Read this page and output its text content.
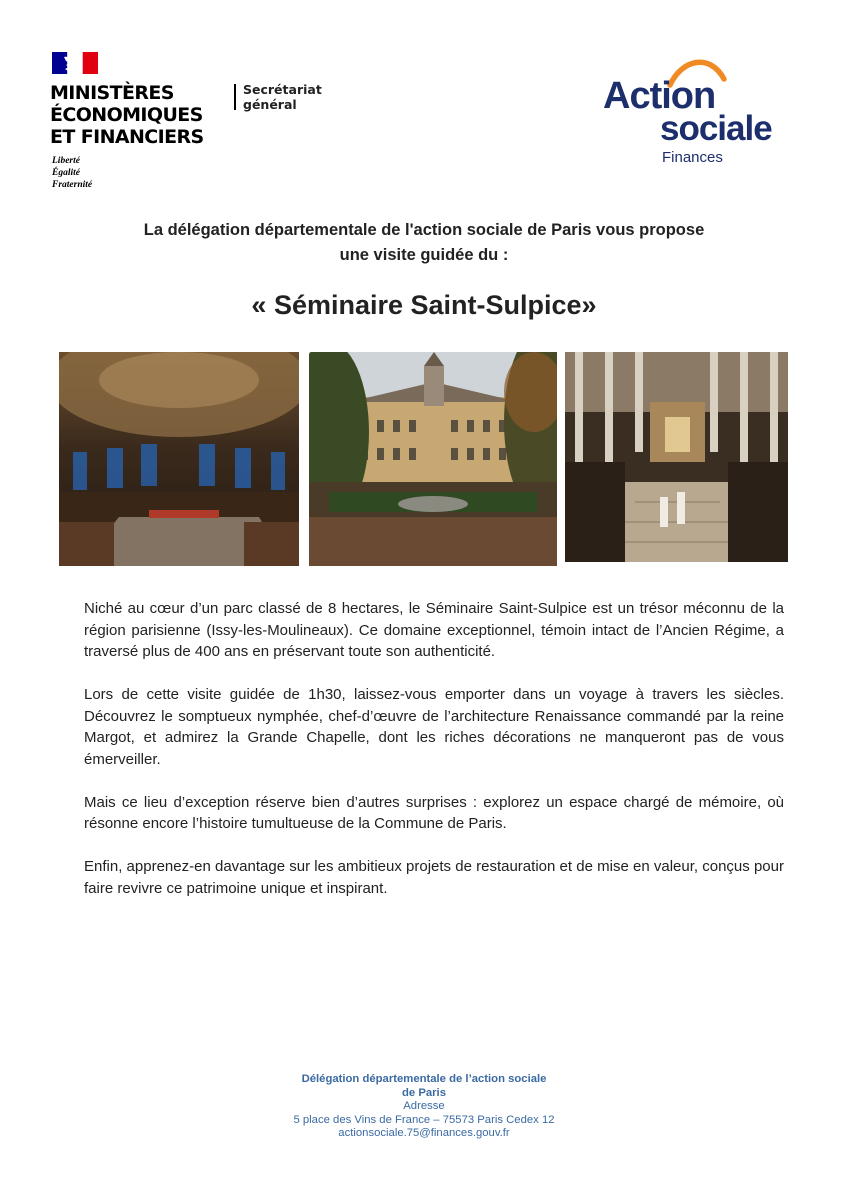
MINISTÈRES
ÉCONOMIQUES
ET FINANCIERS
Liberté
Égalité
Fraternité
Secrétariat
général	Action
sociale
Finances
La délégation départementale de l'action sociale de Paris vous propose
une visite guidée du :
« Séminaire Saint-Sulpice»

Niché au cœur d’un parc classé de 8 hectares, le Séminaire Saint-Sulpice est un trésor méconnu de la région parisienne (Issy-les-Moulineaux). Ce domaine exceptionnel, témoin intact de l’Ancien Régime, a traversé plus de 400 ans en préservant toute son authenticité.

Lors de cette visite guidée de 1h30, laissez-vous emporter dans un voyage à travers les siècles. Découvrez le somptueux nymphée, chef-d’œuvre de l’architecture Renaissance commandé par la reine Margot, et admirez la Grande Chapelle, dont les riches décorations ne manqueront pas de vous émerveiller.

Mais ce lieu d’exception réserve bien d’autres surprises : explorez un espace chargé de mémoire, où résonne encore l’histoire tumultueuse de la Commune de Paris.

Enfin, apprenez-en davantage sur les ambitieux projets de restauration et de mise en valeur, conçus pour faire revivre ce patrimoine unique et inspirant.

Délégation départementale de l’action sociale
de Paris
Adresse
5 place des Vins de France – 75573 Paris Cedex 12
actionsociale.75@finances.gouv.fr
